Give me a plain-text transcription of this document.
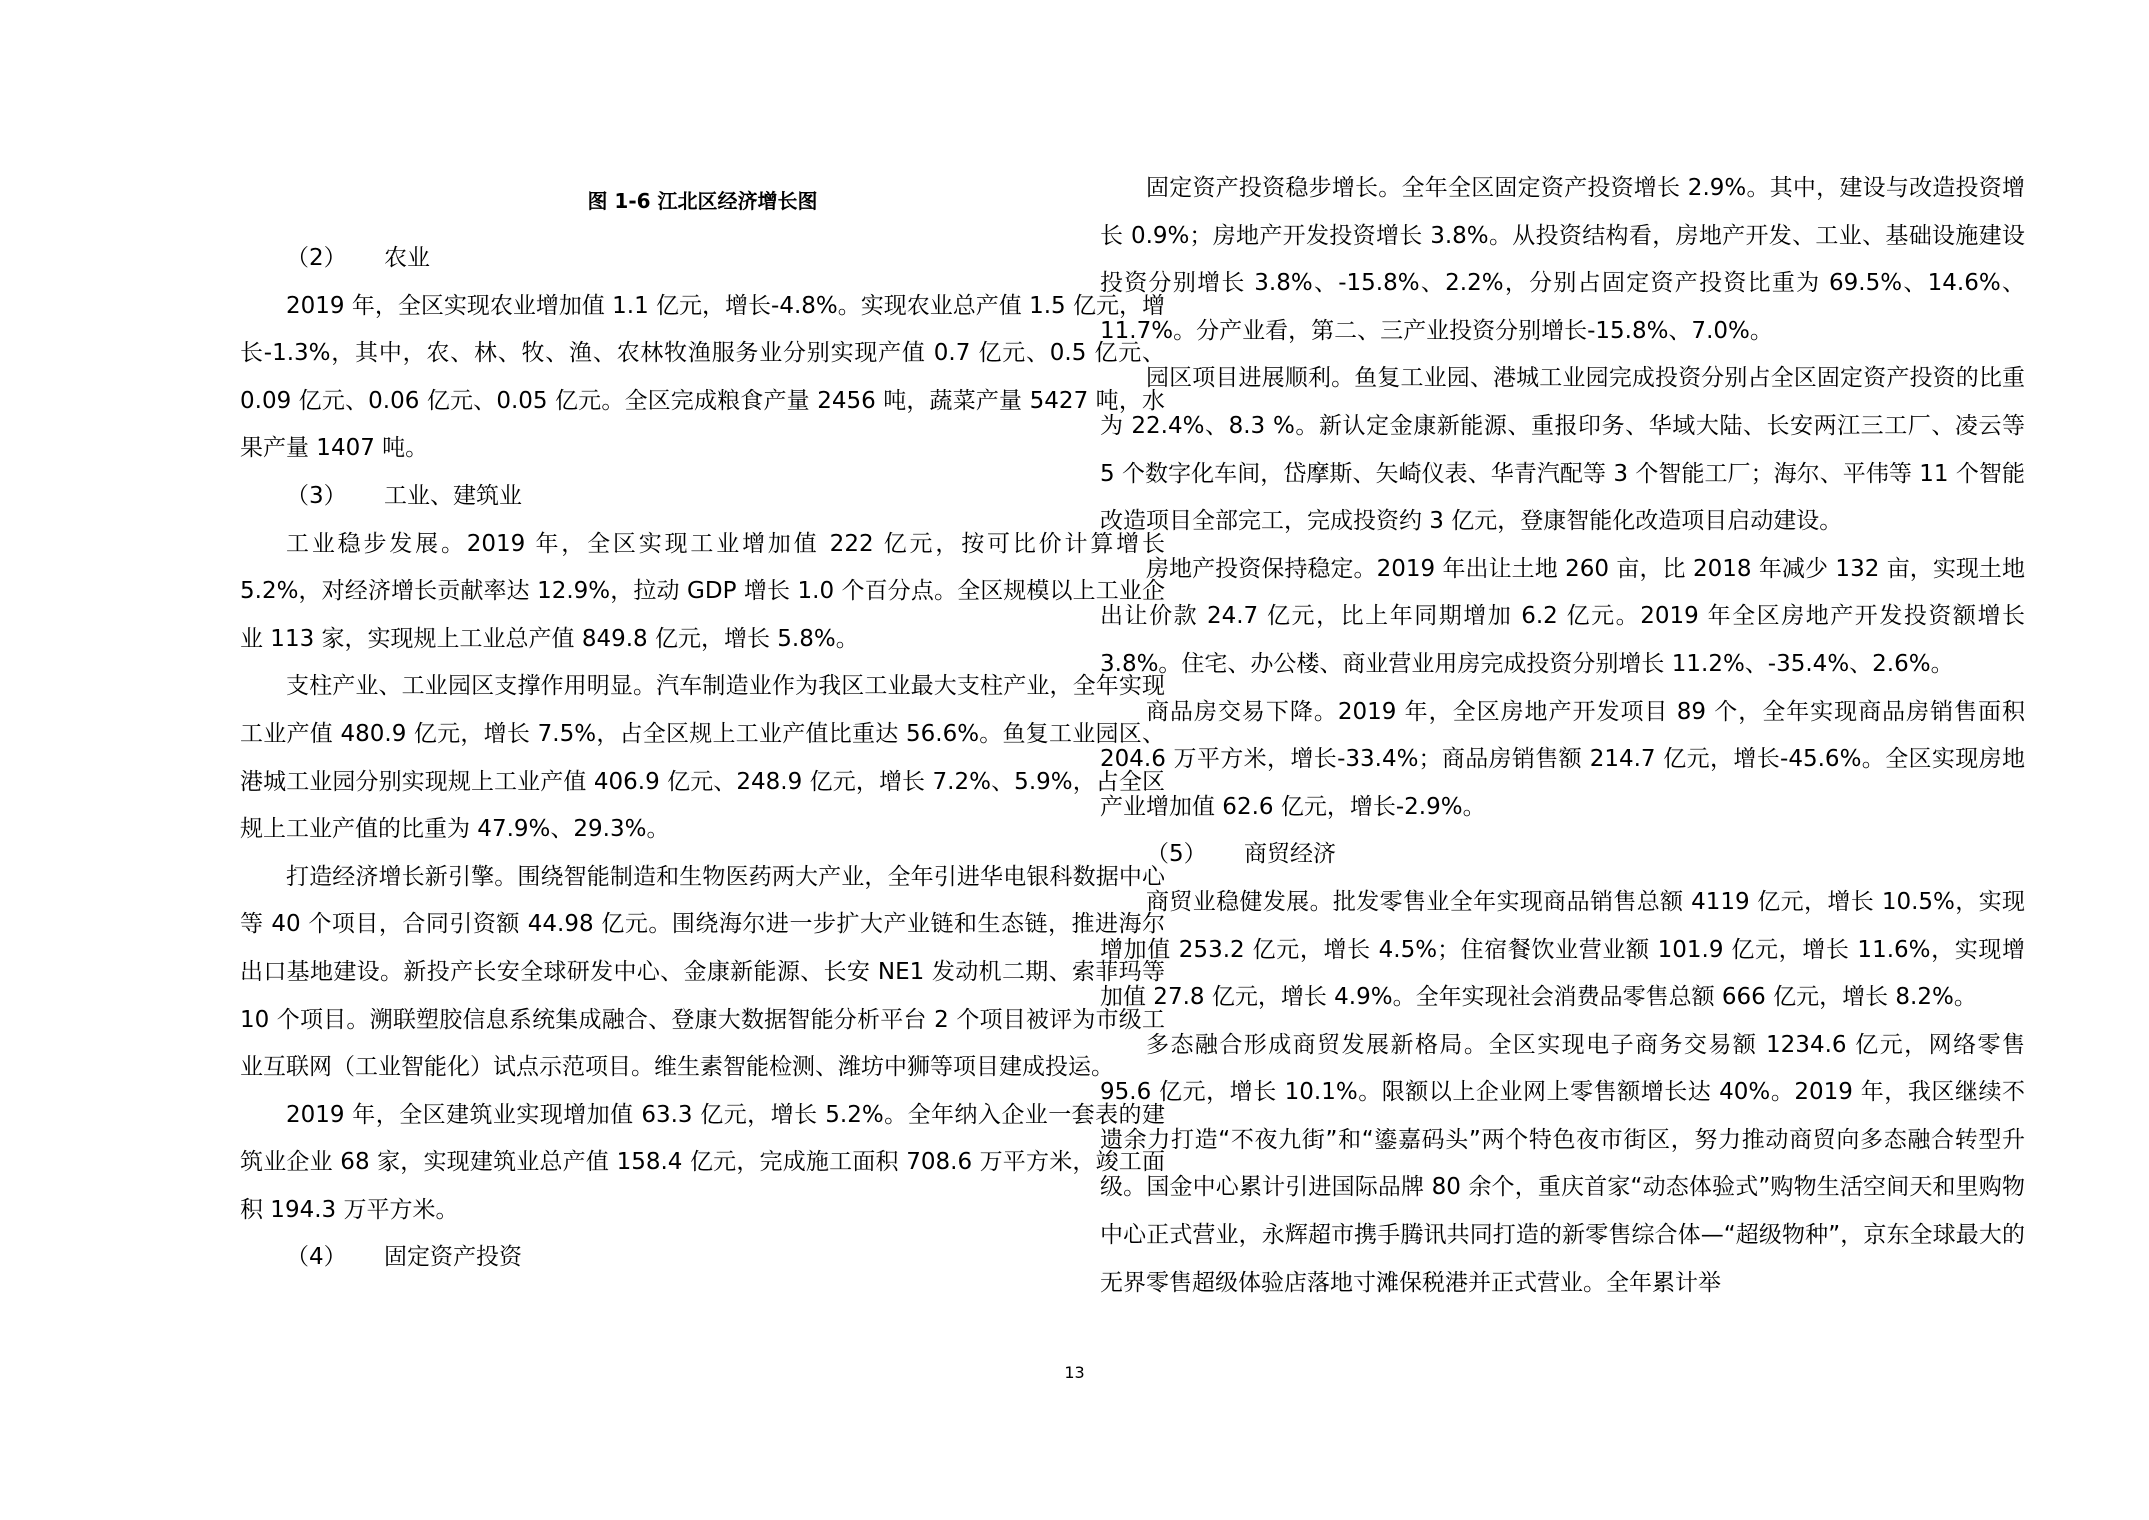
图 1-6 江北区经济增长图

（2） 农业

2019 年，全区实现农业增加值 1.1 亿元，增长-4.8%。实现农业总产值 1.5 亿元，增长-1.3%，其中，农、林、牧、渔、农林牧渔服务业分别实现产值 0.7 亿元、0.5 亿元、0.09 亿元、0.06 亿元、0.05 亿元。全区完成粮食产量 2456 吨，蔬菜产量 5427 吨，水果产量 1407 吨。

（3） 工业、建筑业

工业稳步发展。2019 年，全区实现工业增加值 222 亿元，按可比价计算增长 5.2%，对经济增长贡献率达 12.9%，拉动 GDP 增长 1.0 个百分点。全区规模以上工业企业 113 家，实现规上工业总产值 849.8 亿元，增长 5.8%。

支柱产业、工业园区支撑作用明显。汽车制造业作为我区工业最大支柱产业，全年实现工业产值 480.9 亿元，增长 7.5%，占全区规上工业产值比重达 56.6%。鱼复工业园区、港城工业园分别实现规上工业产值 406.9 亿元、248.9 亿元，增长 7.2%、5.9%，占全区规上工业产值的比重为 47.9%、29.3%。

打造经济增长新引擎。围绕智能制造和生物医药两大产业，全年引进华电银科数据中心等 40 个项目，合同引资额 44.98 亿元。围绕海尔进一步扩大产业链和生态链，推进海尔出口基地建设。新投产长安全球研发中心、金康新能源、长安 NE1 发动机二期、索菲玛等 10 个项目。溯联塑胶信息系统集成融合、登康大数据智能分析平台 2 个项目被评为市级工业互联网（工业智能化）试点示范项目。维生素智能检测、潍坊中狮等项目建成投运。

2019 年，全区建筑业实现增加值 63.3 亿元，增长 5.2%。全年纳入企业一套表的建筑业企业 68 家，实现建筑业总产值 158.4 亿元，完成施工面积 708.6 万平方米，竣工面积 194.3 万平方米。

（4） 固定资产投资

固定资产投资稳步增长。全年全区固定资产投资增长 2.9%。其中，建设与改造投资增长 0.9%；房地产开发投资增长 3.8%。从投资结构看，房地产开发、工业、基础设施建设投资分别增长 3.8%、-15.8%、2.2%，分别占固定资产投资比重为 69.5%、14.6%、11.7%。分产业看，第二、三产业投资分别增长-15.8%、7.0%。

园区项目进展顺利。鱼复工业园、港城工业园完成投资分别占全区固定资产投资的比重为 22.4%、8.3 %。新认定金康新能源、重报印务、华域大陆、长安两江三工厂、凌云等 5 个数字化车间，岱摩斯、矢崎仪表、华青汽配等 3 个智能工厂；海尔、平伟等 11 个智能改造项目全部完工，完成投资约 3 亿元，登康智能化改造项目启动建设。

房地产投资保持稳定。2019 年出让土地 260 亩，比 2018 年减少 132 亩，实现土地出让价款 24.7 亿元，比上年同期增加 6.2 亿元。2019 年全区房地产开发投资额增长 3.8%。住宅、办公楼、商业营业用房完成投资分别增长 11.2%、-35.4%、2.6%。

商品房交易下降。2019 年，全区房地产开发项目 89 个，全年实现商品房销售面积 204.6 万平方米，增长-33.4%；商品房销售额 214.7 亿元，增长-45.6%。全区实现房地产业增加值 62.6 亿元，增长-2.9%。

（5） 商贸经济

商贸业稳健发展。批发零售业全年实现商品销售总额 4119 亿元，增长 10.5%，实现增加值 253.2 亿元，增长 4.5%；住宿餐饮业营业额 101.9 亿元，增长 11.6%，实现增加值 27.8 亿元，增长 4.9%。全年实现社会消费品零售总额 666 亿元，增长 8.2%。

多态融合形成商贸发展新格局。全区实现电子商务交易额 1234.6 亿元，网络零售 95.6 亿元，增长 10.1%。限额以上企业网上零售额增长达 40%。2019 年，我区继续不遗余力打造“不夜九街”和“鎏嘉码头”两个特色夜市街区，努力推动商贸向多态融合转型升级。国金中心累计引进国际品牌 80 余个，重庆首家“动态体验式”购物生活空间天和里购物中心正式营业，永辉超市携手腾讯共同打造的新零售综合体—“超级物种”，京东全球最大的无界零售超级体验店落地寸滩保税港并正式营业。全年累计举

13
